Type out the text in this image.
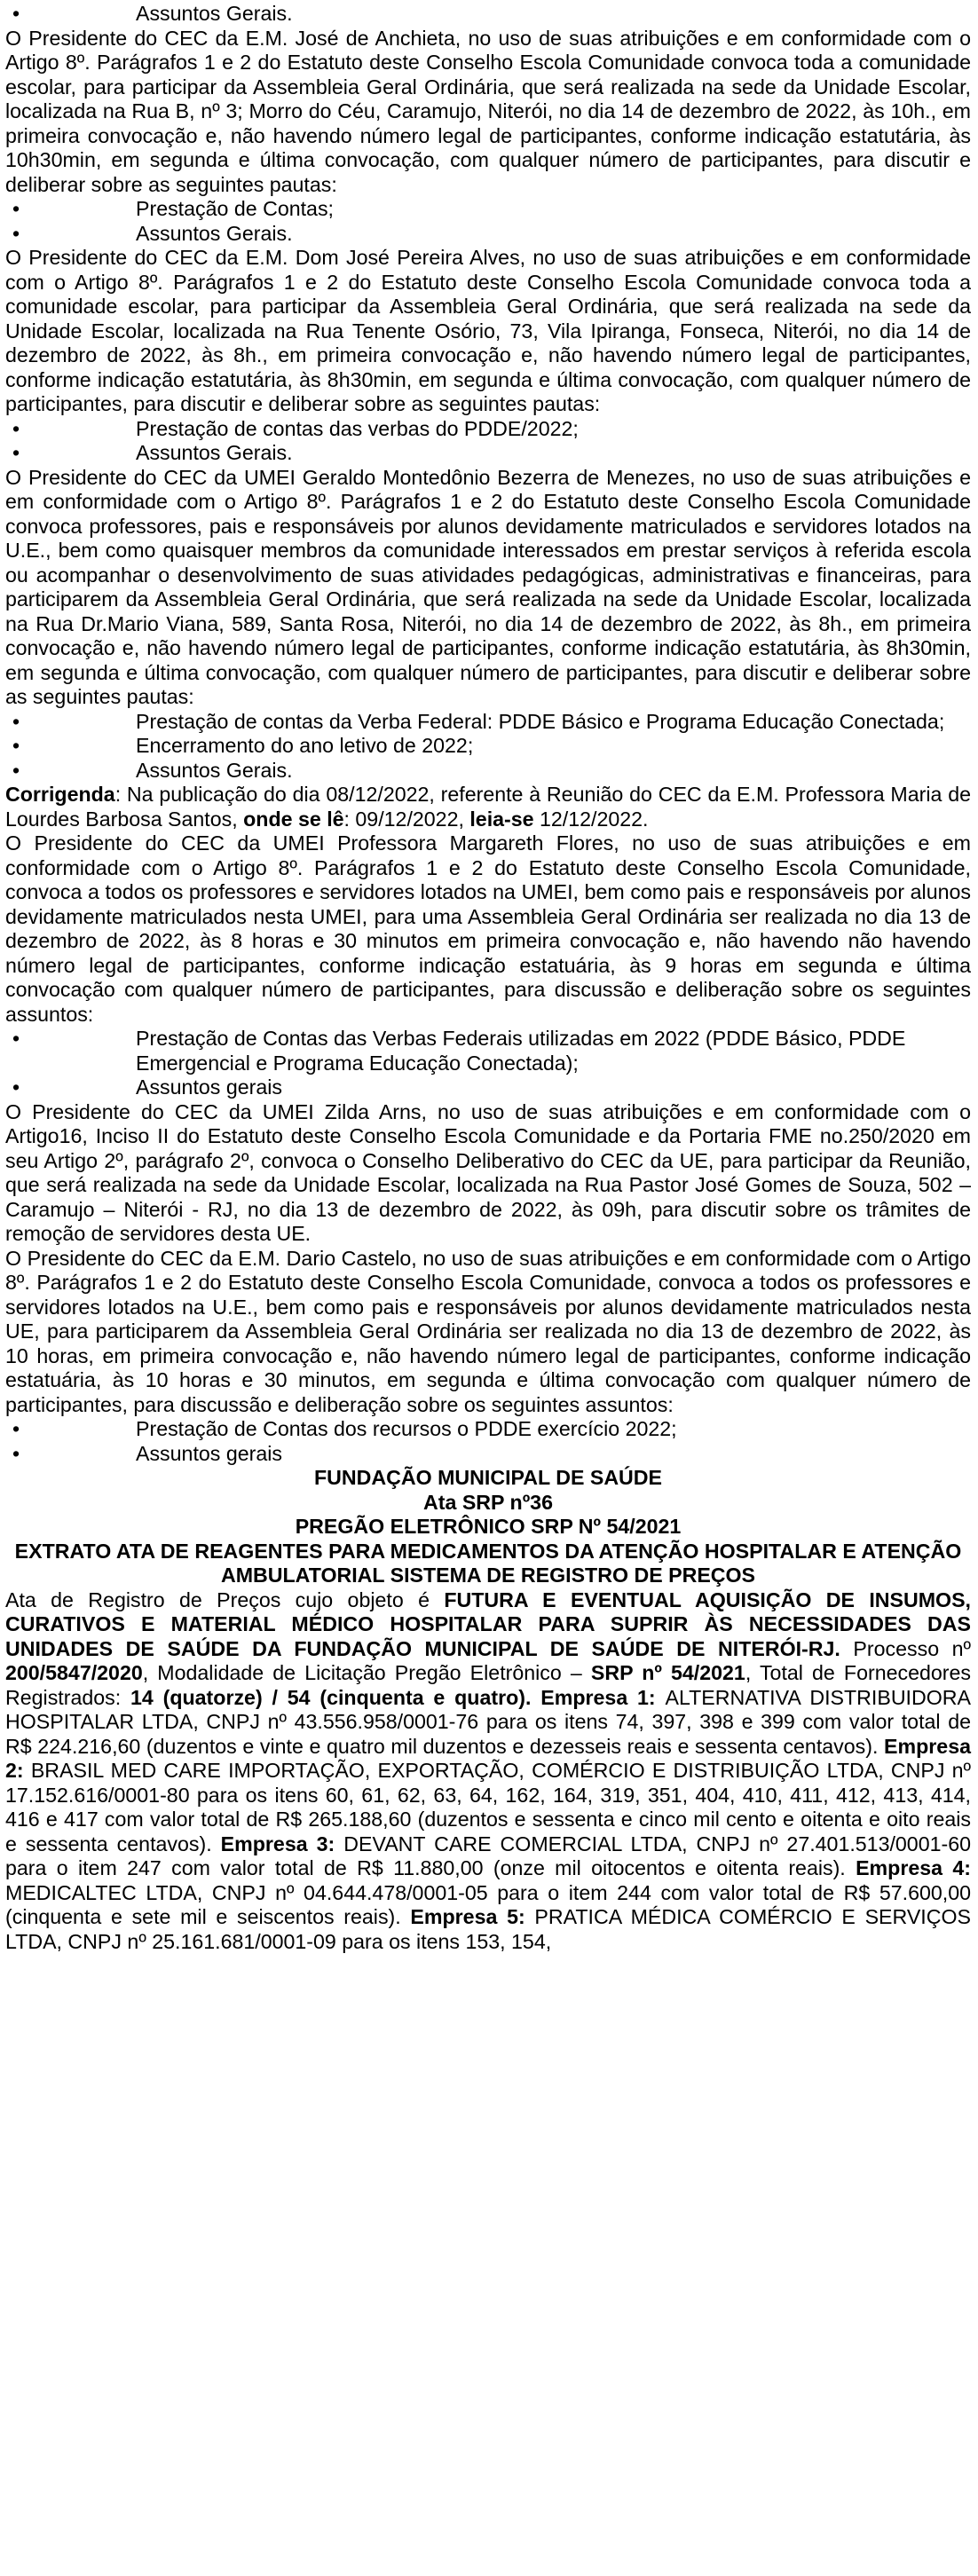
• Assuntos Gerais.

O Presidente do CEC da E.M. José de Anchieta, no uso de suas atribuições e em conformidade com o Artigo 8º. Parágrafos 1 e 2 do Estatuto deste Conselho Escola Comunidade convoca toda a comunidade escolar, para participar da Assembleia Geral Ordinária, que será realizada na sede da Unidade Escolar, localizada na Rua B, nº 3; Morro do Céu, Caramujo, Niterói, no dia 14 de dezembro de 2022, às 10h., em primeira convocação e, não havendo número legal de participantes, conforme indicação estatutária, às 10h30min, em segunda e última convocação, com qualquer número de participantes, para discutir e deliberar sobre as seguintes pautas:

• Prestação de Contas;
• Assuntos Gerais.

O Presidente do CEC da E.M. Dom José Pereira Alves, no uso de suas atribuições e em conformidade com o Artigo 8º. Parágrafos 1 e 2 do Estatuto deste Conselho Escola Comunidade convoca toda a comunidade escolar, para participar da Assembleia Geral Ordinária, que será realizada na sede da Unidade Escolar, localizada na Rua Tenente Osório, 73, Vila Ipiranga, Fonseca, Niterói, no dia 14 de dezembro de 2022, às 8h., em primeira convocação e, não havendo número legal de participantes, conforme indicação estatutária, às 8h30min, em segunda e última convocação, com qualquer número de participantes, para discutir e deliberar sobre as seguintes pautas:

• Prestação de contas das verbas do PDDE/2022;
• Assuntos Gerais.

O Presidente do CEC da UMEI Geraldo Montedônio Bezerra de Menezes, no uso de suas atribuições e em conformidade com o Artigo 8º. Parágrafos 1 e 2 do Estatuto deste Conselho Escola Comunidade convoca professores, pais e responsáveis por alunos devidamente matriculados e servidores lotados na U.E., bem como quaisquer membros da comunidade interessados em prestar serviços à referida escola ou acompanhar o desenvolvimento de suas atividades pedagógicas, administrativas e financeiras, para participarem da Assembleia Geral Ordinária, que será realizada na sede da Unidade Escolar, localizada na Rua Dr.Mario Viana, 589, Santa Rosa, Niterói, no dia 14 de dezembro de 2022, às 8h., em primeira convocação e, não havendo número legal de participantes, conforme indicação estatutária, às 8h30min, em segunda e última convocação, com qualquer número de participantes, para discutir e deliberar sobre as seguintes pautas:

• Prestação de contas da Verba Federal: PDDE Básico e Programa Educação Conectada;
• Encerramento do ano letivo de 2022;
• Assuntos Gerais.

Corrigenda: Na publicação do dia 08/12/2022, referente à Reunião do CEC da E.M. Professora Maria de Lourdes Barbosa Santos, onde se lê: 09/12/2022, leia-se 12/12/2022.

O Presidente do CEC da UMEI Professora Margareth Flores, no uso de suas atribuições e em conformidade com o Artigo 8º. Parágrafos 1 e 2 do Estatuto deste Conselho Escola Comunidade, convoca a todos os professores e servidores lotados na UMEI, bem como pais e responsáveis por alunos devidamente matriculados nesta UMEI, para uma Assembleia Geral Ordinária ser realizada no dia 13 de dezembro de 2022, às 8 horas e 30 minutos em primeira convocação e, não havendo não havendo número legal de participantes, conforme indicação estatuária, às 9 horas em segunda e última convocação com qualquer número de participantes, para discussão e deliberação sobre os seguintes assuntos:

• Prestação de Contas das Verbas Federais utilizadas em 2022 (PDDE Básico, PDDE Emergencial e Programa Educação Conectada);
• Assuntos gerais

O Presidente do CEC da UMEI Zilda Arns, no uso de suas atribuições e em conformidade com o Artigo16, Inciso II do Estatuto deste Conselho Escola Comunidade e da Portaria FME no.250/2020 em seu Artigo 2º, parágrafo 2º, convoca o Conselho Deliberativo do CEC da UE, para participar da Reunião, que será realizada na sede da Unidade Escolar, localizada na Rua Pastor José Gomes de Souza, 502 – Caramujo – Niterói - RJ, no dia 13 de dezembro de 2022, às 09h, para discutir sobre os trâmites de remoção de servidores desta UE.

O Presidente do CEC da E.M. Dario Castelo, no uso de suas atribuições e em conformidade com o Artigo 8º. Parágrafos 1 e 2 do Estatuto deste Conselho Escola Comunidade, convoca a todos os professores e servidores lotados na U.E., bem como pais e responsáveis por alunos devidamente matriculados nesta UE, para participarem da Assembleia Geral Ordinária ser realizada no dia 13 de dezembro de 2022, às 10 horas, em primeira convocação e, não havendo número legal de participantes, conforme indicação estatuária, às 10 horas e 30 minutos, em segunda e última convocação com qualquer número de participantes, para discussão e deliberação sobre os seguintes assuntos:

• Prestação de Contas dos recursos o PDDE exercício 2022;
• Assuntos gerais

FUNDAÇÃO MUNICIPAL DE SAÚDE

Ata SRP nº36

PREGÃO ELETRÔNICO SRP Nº 54/2021

EXTRATO ATA DE REAGENTES PARA MEDICAMENTOS DA ATENÇÃO HOSPITALAR E ATENÇÃO AMBULATORIAL SISTEMA DE REGISTRO DE PREÇOS

Ata de Registro de Preços cujo objeto é FUTURA E EVENTUAL AQUISIÇÃO DE INSUMOS, CURATIVOS E MATERIAL MÉDICO HOSPITALAR PARA SUPRIR ÀS NECESSIDADES DAS UNIDADES DE SAÚDE DA FUNDAÇÃO MUNICIPAL DE SAÚDE DE NITERÓI-RJ. Processo nº 200/5847/2020, Modalidade de Licitação Pregão Eletrônico – SRP nº 54/2021, Total de Fornecedores Registrados: 14 (quatorze) / 54 (cinquenta e quatro). Empresa 1: ALTERNATIVA DISTRIBUIDORA HOSPITALAR LTDA, CNPJ nº 43.556.958/0001-76 para os itens 74, 397, 398 e 399 com valor total de R$ 224.216,60 (duzentos e vinte e quatro mil duzentos e dezesseis reais e sessenta centavos). Empresa 2: BRASIL MED CARE IMPORTAÇÃO, EXPORTAÇÃO, COMÉRCIO E DISTRIBUIÇÃO LTDA, CNPJ nº 17.152.616/0001-80 para os itens 60, 61, 62, 63, 64, 162, 164, 319, 351, 404, 410, 411, 412, 413, 414, 416 e 417 com valor total de R$ 265.188,60 (duzentos e sessenta e cinco mil cento e oitenta e oito reais e sessenta centavos). Empresa 3: DEVANT CARE COMERCIAL LTDA, CNPJ nº 27.401.513/0001-60 para o item 247 com valor total de R$ 11.880,00 (onze mil oitocentos e oitenta reais). Empresa 4: MEDICALTEC LTDA, CNPJ nº 04.644.478/0001-05 para o item 244 com valor total de R$ 57.600,00 (cinquenta e sete mil e seiscentos reais). Empresa 5: PRATICA MÉDICA COMÉRCIO E SERVIÇOS LTDA, CNPJ nº 25.161.681/0001-09 para os itens 153, 154,
